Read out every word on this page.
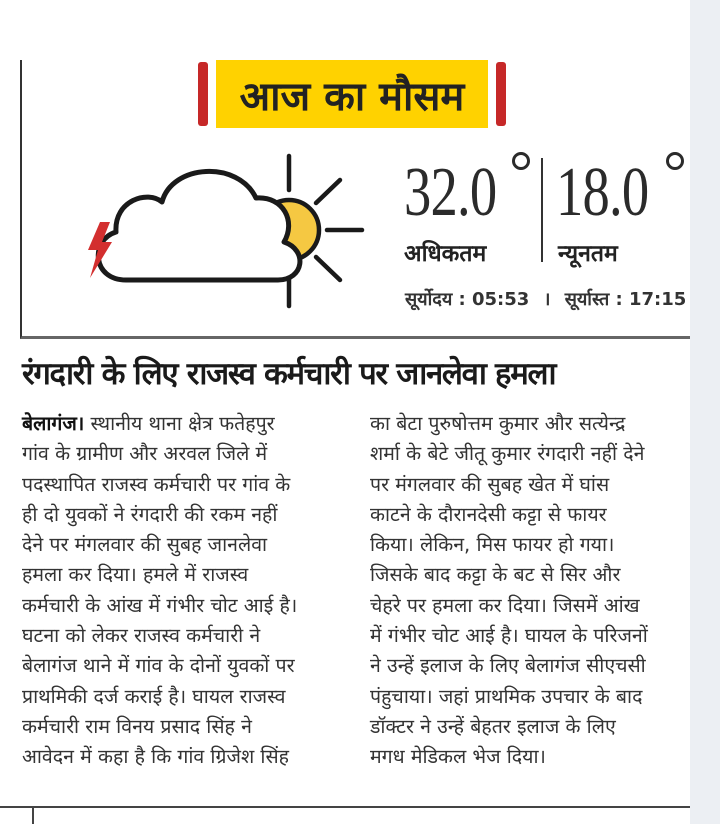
आज का मौसम
32.0 18.0
अधिकतम	न्यूनतम
सूर्योदय : 05:53 । सूर्यास्त : 17:15
रंगदारी के लिए राजस्व कर्मचारी पर जानलेवा हमला
बेलागंज। स्थानीय थाना क्षेत्र फतेहपुर
गांव के ग्रामीण और अरवल जिले में
पदस्थापित राजस्व कर्मचारी पर गांव के
ही दो युवकों ने रंगदारी की रकम नहीं
देने पर मंगलवार की सुबह जानलेवा
हमला कर दिया। हमले में राजस्व
कर्मचारी के आंख में गंभीर चोट आई है।
घटना को लेकर राजस्व कर्मचारी ने
बेलागंज थाने में गांव के दोनों युवकों पर
प्राथमिकी दर्ज कराई है। घायल राजस्व
कर्मचारी राम विनय प्रसाद सिंह ने
आवेदन में कहा है कि गांव ग्रिजेश सिंह
का बेटा पुरुषोत्तम कुमार और सत्येन्द्र
शर्मा के बेटे जीतू कुमार रंगदारी नहीं देने
पर मंगलवार की सुबह खेत में घांस
काटने के दौरानदेसी कट्टा से फायर
किया। लेकिन, मिस फायर हो गया।
जिसके बाद कट्टा के बट से सिर और
चेहरे पर हमला कर दिया। जिसमें आंख
में गंभीर चोट आई है। घायल के परिजनों
ने उन्हें इलाज के लिए बेलागंज सीएचसी
पंहुचाया। जहां प्राथमिक उपचार के बाद
डॉक्टर ने उन्हें बेहतर इलाज के लिए
मगध मेडिकल भेज दिया।
